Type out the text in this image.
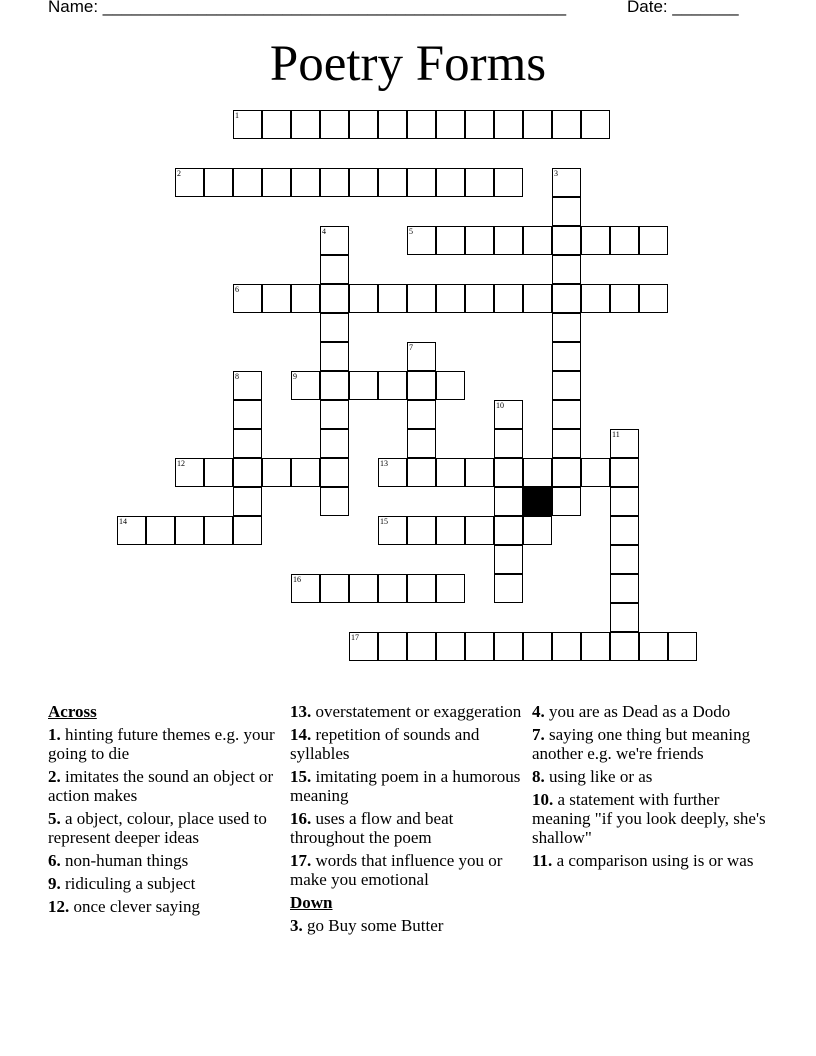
Name: _________________________________________________	Date: _______
Poetry Forms
1
2	3
4	5
6
7
8	9
10
11
12	13
14	15
16
17
Across
1. hinting future themes e.g. your going to die
2. imitates the sound an object or action makes
5. a object, colour, place used to represent deeper ideas
6. non-human things
9. ridiculing a subject
12. once clever saying
13. overstatement or exaggeration
14. repetition of sounds and syllables
15. imitating poem in a humorous meaning
16. uses a flow and beat throughout the poem
17. words that influence you or make you emotional
Down
3. go Buy some Butter
4. you are as Dead as a Dodo
7. saying one thing but meaning another e.g. we're friends
8. using like or as
10. a statement with further meaning "if you look deeply, she's shallow"
11. a comparison using is or was
